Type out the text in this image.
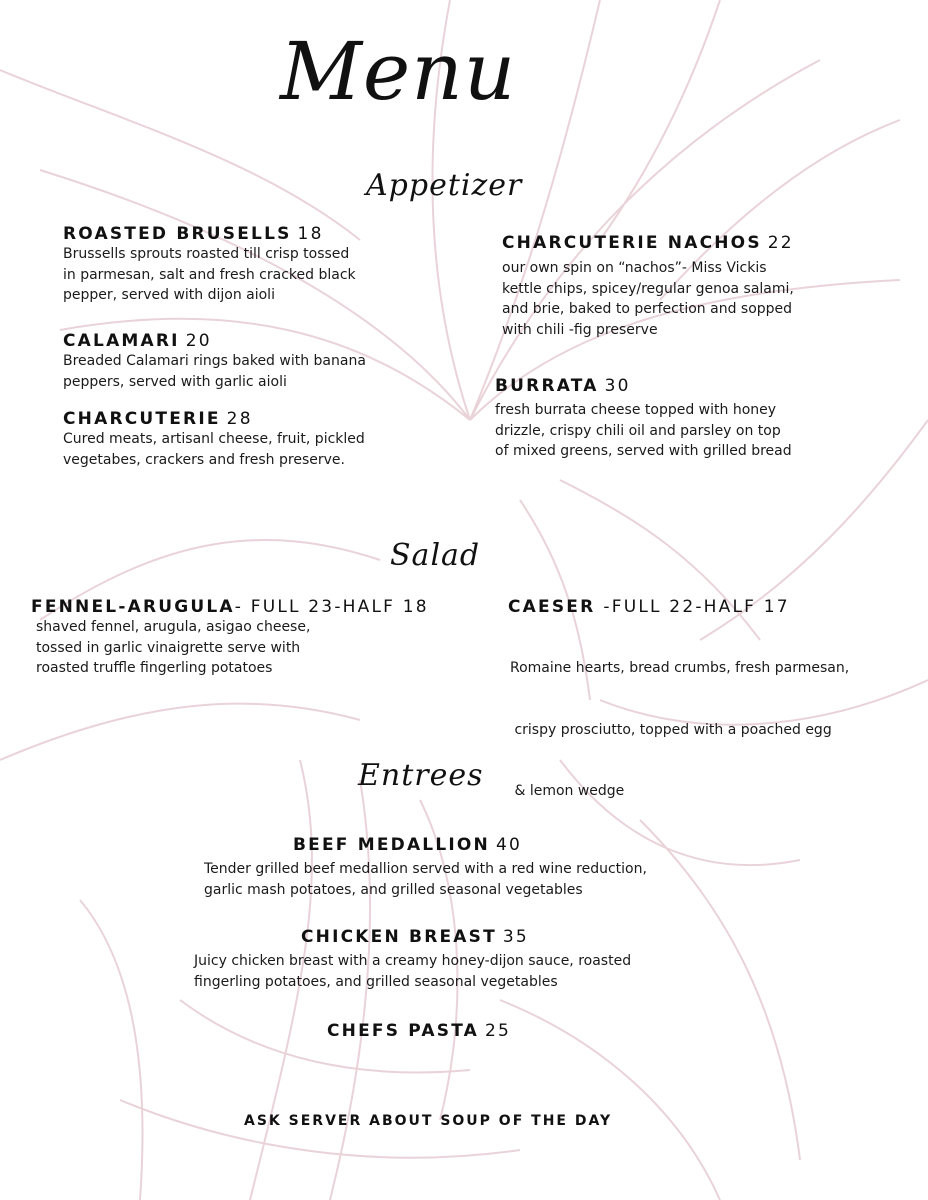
Menu
Appetizer
ROASTED BRUSELLS 18
Brussells sprouts roasted till crisp tossed
in parmesan, salt and fresh cracked black
pepper, served with dijon aioli
CALAMARI 20
Breaded Calamari rings baked with banana
peppers, served with garlic aioli
CHARCUTERIE 28
Cured meats, artisanl cheese, fruit, pickled
vegetabes, crackers and fresh preserve.
CHARCUTERIE NACHOS 22
our own spin on “nachos”- Miss Vickis
kettle chips, spicey/regular genoa salami,
and brie, baked to perfection and sopped
with chili -fig preserve
BURRATA 30
fresh burrata cheese topped with honey
drizzle, crispy chili oil and parsley on top
of mixed greens, served with grilled bread
Salad
FENNEL-ARUGULA- FULL 23-HALF 18
shaved fennel, arugula, asigao cheese,
tossed in garlic vinaigrette serve with
roasted truffle fingerling potatoes
CAESER -FULL 22-HALF 17

Romaine hearts, bread crumbs, fresh parmesan,

crispy prosciutto, topped with a poached egg

& lemon wedge

Entrees
BEEF MEDALLION 40
Tender grilled beef medallion served with a red wine reduction,
garlic mash potatoes, and grilled seasonal vegetables
CHICKEN BREAST 35
Juicy chicken breast with a creamy honey-dijon sauce, roasted
fingerling potatoes, and grilled seasonal vegetables
CHEFS PASTA 25
ASK SERVER ABOUT SOUP OF THE DAY
